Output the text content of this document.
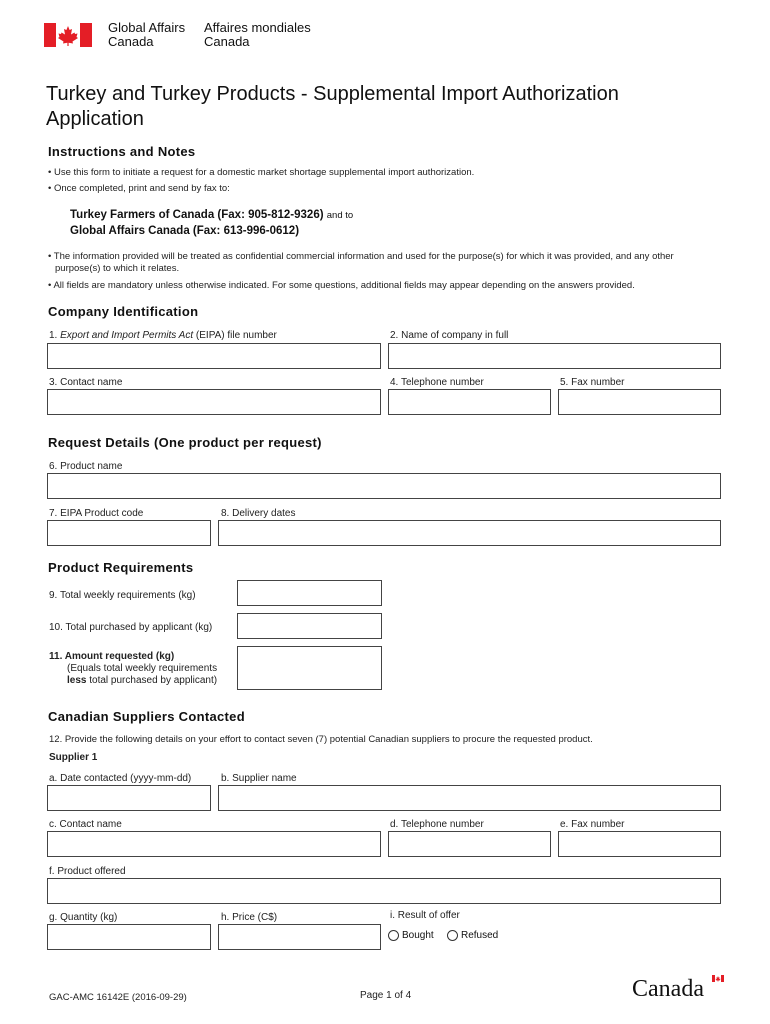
Global Affairs
Canada
Affaires mondiales
Canada
Turkey and Turkey Products - Supplemental Import Authorization
Application
Instructions and Notes
• Use this form to initiate a request for a domestic market shortage supplemental import authorization.
• Once completed, print and send by fax to:
Turkey Farmers of Canada (Fax: 905-812-9326) and to
Global Affairs Canada (Fax: 613-996-0612)
• The information provided will be treated as confidential commercial information and used for the purpose(s) for which it was provided, and any other
purpose(s) to which it relates.
• All fields are mandatory unless otherwise indicated. For some questions, additional fields may appear depending on the answers provided.
Company Identification
1. Export and Import Permits Act (EIPA) file number	2. Name of company in full
3. Contact name	4. Telephone number	5. Fax number
Request Details (One product per request)
6. Product name
7. EIPA Product code	8. Delivery dates
Product Requirements
9. Total weekly requirements (kg)
10. Total purchased by applicant (kg)
11. Amount requested (kg)
(Equals total weekly requirements
less total purchased by applicant)
Canadian Suppliers Contacted
12. Provide the following details on your effort to contact seven (7) potential Canadian suppliers to procure the requested product.
Supplier 1
a. Date contacted (yyyy-mm-dd)	b. Supplier name
c. Contact name	d. Telephone number	e. Fax number
f. Product offered
g. Quantity (kg)	h. Price (C$)	i. Result of offer
Bought	Refused
GAC-AMC 16142E (2016-09-29)	Page 1 of 4	Canada
